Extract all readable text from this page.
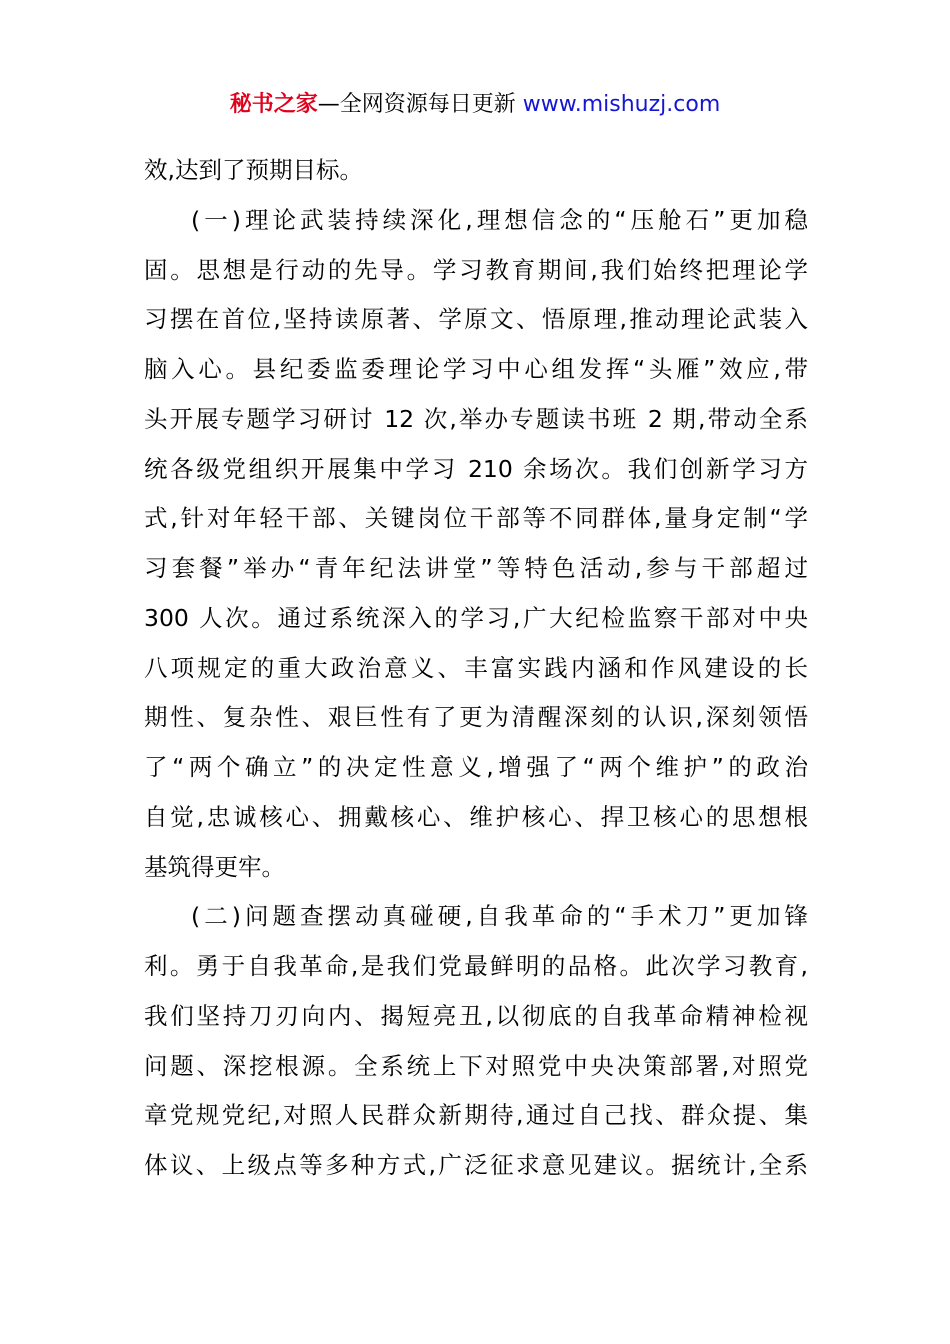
秘书之家—全网资源每日更新 www.mishuzj.com
效,达到了预期目标。
(一)理论武装持续深化,理想信念的“压舱石”更加稳
固。思想是行动的先导。学习教育期间,我们始终把理论学
习摆在首位,坚持读原著、学原文、悟原理,推动理论武装入
脑入心。县纪委监委理论学习中心组发挥“头雁”效应,带
头开展专题学习研讨 12 次,举办专题读书班 2 期,带动全系
统各级党组织开展集中学习 210 余场次。我们创新学习方
式,针对年轻干部、关键岗位干部等不同群体,量身定制“学
习套餐”举办“青年纪法讲堂”等特色活动,参与干部超过
300 人次。通过系统深入的学习,广大纪检监察干部对中央
八项规定的重大政治意义、丰富实践内涵和作风建设的长
期性、复杂性、艰巨性有了更为清醒深刻的认识,深刻领悟
了“两个确立”的决定性意义,增强了“两个维护”的政治
自觉,忠诚核心、拥戴核心、维护核心、捍卫核心的思想根
基筑得更牢。
(二)问题查摆动真碰硬,自我革命的“手术刀”更加锋
利。勇于自我革命,是我们党最鲜明的品格。此次学习教育,
我们坚持刀刃向内、揭短亮丑,以彻底的自我革命精神检视
问题、深挖根源。全系统上下对照党中央决策部署,对照党
章党规党纪,对照人民群众新期待,通过自己找、群众提、集
体议、上级点等多种方式,广泛征求意见建议。据统计,全系
